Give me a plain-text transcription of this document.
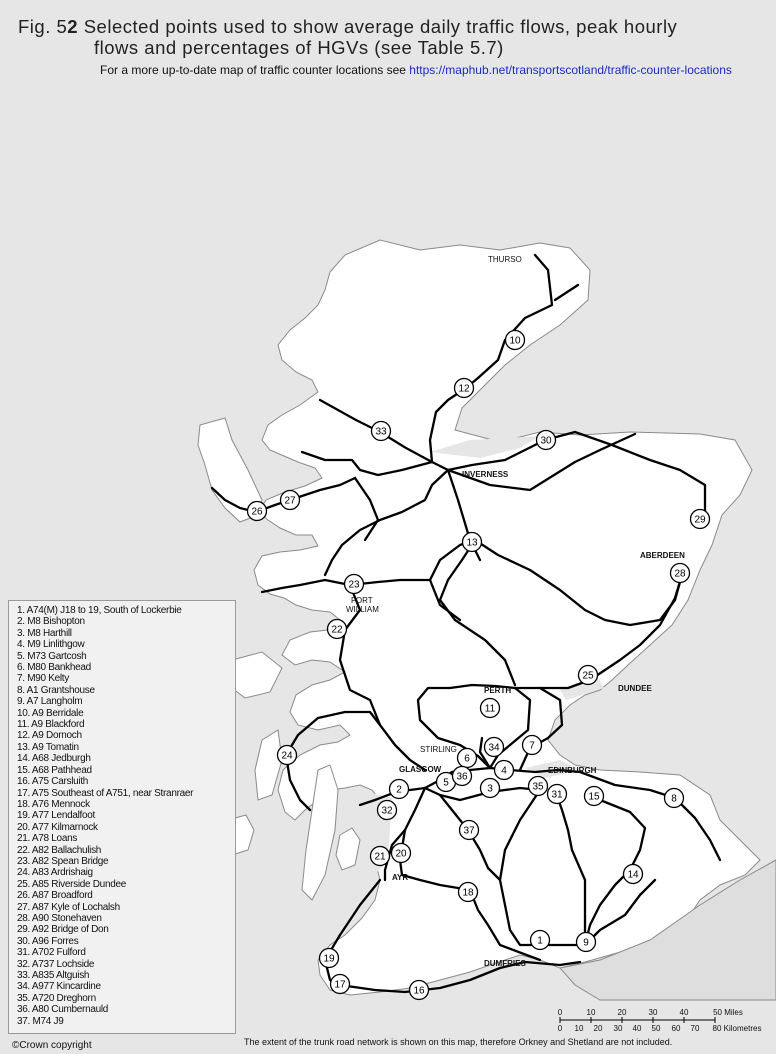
Fig. 52 Selected points used to show average daily traffic flows, peak hourly
flows and percentages of HGVs (see Table 5.7)
For a more up-to-date map of traffic counter locations see https://maphub.net/transportscotland/traffic-counter-locations
THURSO
INVERNESS
ABERDEEN
FORT
WILLIAM
PERTH	DUNDEE
STIRLING
GLASGOW	EDINBURGH
AYR
DUMFRIES
1
2	3
4
5
6
7
8
9
10
11
12
13
14
15
16
17
18
19
20
21
22
23
24
25
26
27
28
29
30
31
32
33
34
35
36
37
0	10	20	30	40	50 Miles
0 10 20 30 40 50 60 70 80 Kilometres
1. A74(M) J18 to 19, South of Lockerbie
2. M8 Bishopton
3. M8 Harthill
4. M9 Linlithgow
5. M73 Gartcosh
6. M80 Bankhead
7. M90 Kelty
8. A1 Grantshouse
9. A7 Langholm
10. A9 Berridale
11. A9 Blackford
12. A9 Dornoch
13. A9 Tomatin
14. A68 Jedburgh
15. A68 Pathhead
16. A75 Carsluith
17. A75 Southeast of A751, near Stranraer
18. A76 Mennock
19. A77 Lendalfoot
20. A77 Kilmarnock
21. A78 Loans
22. A82 Ballachulish
23. A82 Spean Bridge
24. A83 Ardrishaig
25. A85 Riverside Dundee
26. A87 Broadford
27. A87 Kyle of Lochalsh
28. A90 Stonehaven
29. A92 Bridge of Don
30. A96 Forres
31. A702 Fulford
32. A737 Lochside
33. A835 Altguish
34. A977 Kincardine
35. A720 Dreghorn
36. A80 Cumbernauld
37. M74 J9
©Crown copyright	The extent of the trunk road network is shown on this map, therefore Orkney and Shetland are not included.
